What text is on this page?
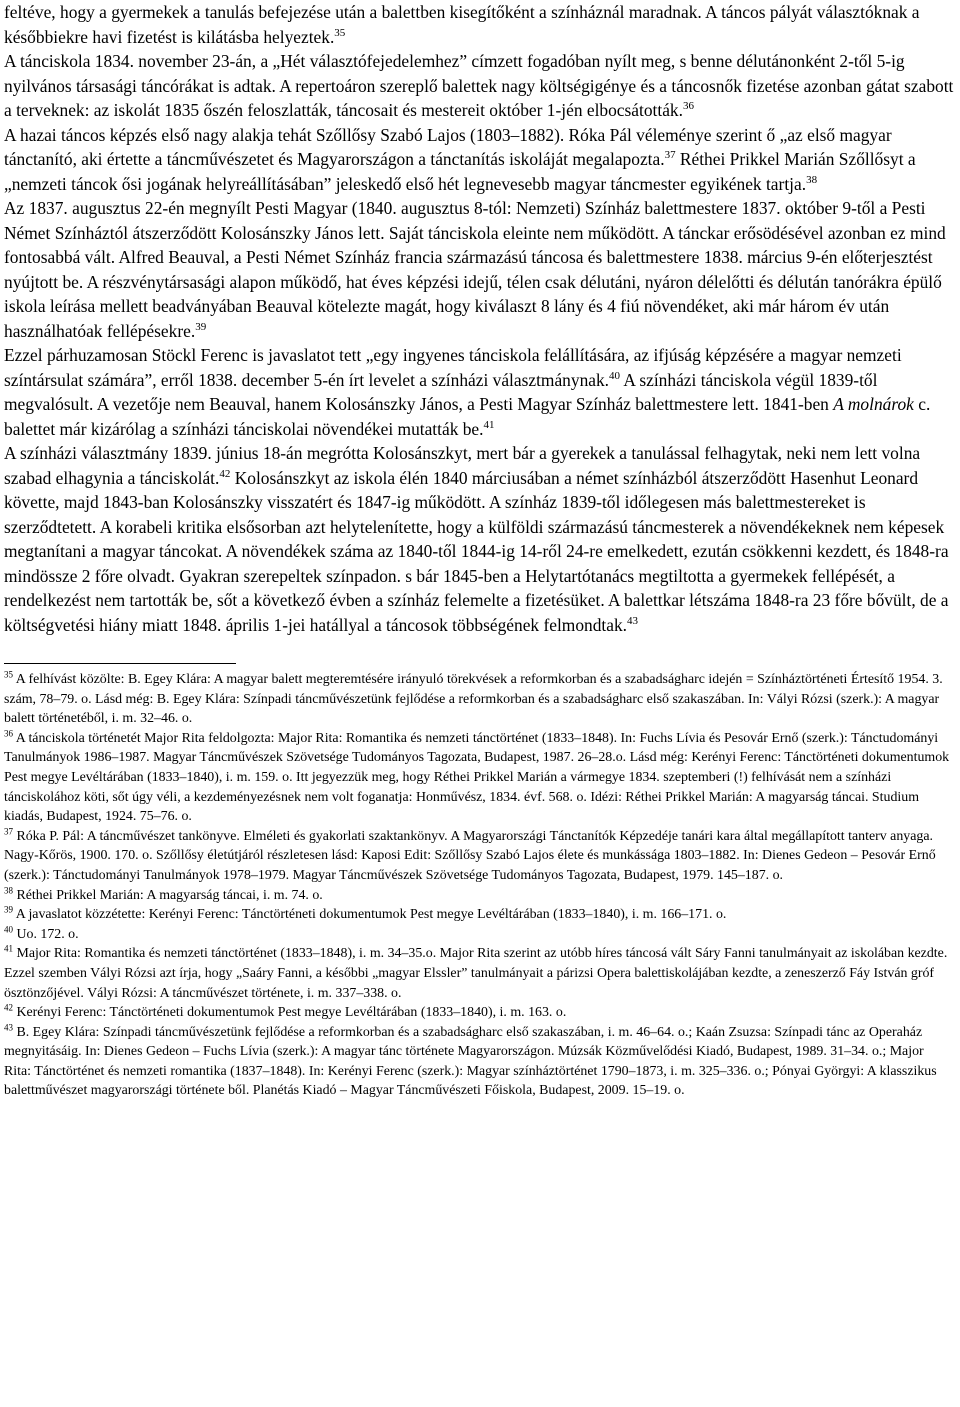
feltéve, hogy a gyermekek a tanulás befejezése után a balettben kisegítőként a színháznál maradnak. A táncos pályát választóknak a későbbiekre havi fizetést is kilátásba helyeztek.$^{35}$

A tánciskola 1834. november 23-án, a „Hét választófejedelemhez” címzett fogadóban nyílt meg, s benne délutánonként 2-től 5-ig nyilvános társasági táncórákat is adtak. A repertoáron szereplő balettek nagy költségigénye és a táncosnők fizetése azonban gátat szabott a terveknek: az iskolát 1835 őszén feloszlatták, táncosait és mestereit október 1-jén elbocsátották.$^{36}$

A hazai táncos képzés első nagy alakja tehát Szőllősy Szabó Lajos (1803–1882). Róka Pál véleménye szerint ő „az első magyar tánctanító, aki értette a táncművészetet és Magyarországon a tánctanítás iskoláját megalapozta.$^{37}$ Réthei Prikkel Marián Szőllősyt a „nemzeti táncok ősi jogának helyreállításában” jeleskedő első hét legnevesebb magyar táncmester egyikének tartja.$^{38}$

Az 1837. augusztus 22-én megnyílt Pesti Magyar (1840. augusztus 8-tól: Nemzeti) Színház balettmestere 1837. október 9-től a Pesti Német Színháztól átszerződött Kolosánszky János lett. Saját tánciskola eleinte nem működött. A tánckar erősödésével azonban ez mind fontosabbá vált. Alfred Beauval, a Pesti Német Színház francia származású táncosa és balettmestere 1838. március 9-én előterjesztést nyújtott be. A részvénytársasági alapon működő, hat éves képzési idejű, télen csak délutáni, nyáron délelőtti és délután tanórákra épülő iskola leírása mellett beadványában Beauval kötelezte magát, hogy kiválaszt 8 lány és 4 fiú növendéket, aki már három év után használhatóak fellépésekre.$^{39}$

Ezzel párhuzamosan Stöckl Ferenc is javaslatot tett „egy ingyenes tánciskola felállítására, az ifjúság képzésére a magyar nemzeti színtársulat számára”, erről 1838. december 5-én írt levelet a színházi választmánynak.$^{40}$ A színházi tánciskola végül 1839-től megvalósult. A vezetője nem Beauval, hanem Kolosánszky János, a Pesti Magyar Színház balettmestere lett. 1841-ben A molnárok c. balettet már kizárólag a színházi tánciskolai növendékei mutatták be.$^{41}$

A színházi választmány 1839. június 18-án megrótta Kolosánszkyt, mert bár a gyerekek a tanulással felhagytak, neki nem lett volna szabad elhagynia a tánciskolát.$^{42}$ Kolosánszkyt az iskola élén 1840 márciusában a német színházból átszerződött Hasenhut Leonard követte, majd 1843-ban Kolosánszky visszatért és 1847-ig működött. A színház 1839-től időlegesen más balettmestereket is szerződtetett. A korabeli kritika elsősorban azt helytelenítette, hogy a külföldi származású táncmesterek a növendékeknek nem képesek megtanítani a magyar táncokat. A növendékek száma az 1840-től 1844-ig 14-ről 24-re emelkedett, ezután csökkenni kezdett, és 1848-ra mindössze 2 főre olvadt. Gyakran szerepeltek színpadon. s bár 1845-ben a Helytartótanács megtiltotta a gyermekek fellépését, a rendelkezést nem tartották be, sőt a következő évben a színház felemelte a fizetésüket. A balettkar létszáma 1848-ra 23 főre bővült, de a költségvetési hiány miatt 1848. április 1-jei hatállyal a táncosok többségének felmondtak.$^{43}$

$^{35}$ A felhívást közölte: B. Egey Klára: A magyar balett megteremtésére irányuló törekvések a reformkorban és a szabadságharc idején = Színháztörténeti Értesítő 1954. 3. szám, 78–79. o. Lásd még: B. Egey Klára: Színpadi táncművészetünk fejlődése a reformkorban és a szabadságharc első szakaszában. In: Vályi Rózsi (szerk.): A magyar balett történetéből, i. m. 32–46. o.

$^{36}$ A tánciskola történetét Major Rita feldolgozta: Major Rita: Romantika és nemzeti tánctörténet (1833–1848). In: Fuchs Lívia és Pesovár Ernő (szerk.): Tánctudományi Tanulmányok 1986–1987. Magyar Táncművészek Szövetsége Tudományos Tagozata, Budapest, 1987. 26–28.o. Lásd még: Kerényi Ferenc: Tánctörténeti dokumentumok Pest megye Levéltárában (1833–1840), i. m. 159. o. Itt jegyezzük meg, hogy Réthei Prikkel Marián a vármegye 1834. szeptemberi (!) felhívását nem a színházi tánciskolához köti, sőt úgy véli, a kezdeményezésnek nem volt foganatja: Honművész, 1834. évf. 568. o. Idézi: Réthei Prikkel Marián: A magyarság táncai. Studium kiadás, Budapest, 1924. 75–76. o.

$^{37}$ Róka P. Pál: A táncművészet tankönyve. Elméleti és gyakorlati szaktankönyv. A Magyarországi Tánctanítók Képzedéje tanári kara által megállapított tanterv anyaga. Nagy-Kőrös, 1900. 170. o. Szőllősy életútjáról részletesen lásd: Kaposi Edit: Szőllősy Szabó Lajos élete és munkássága 1803–1882. In: Dienes Gedeon – Pesovár Ernő (szerk.): Tánctudományi Tanulmányok 1978–1979. Magyar Táncművészek Szövetsége Tudományos Tagozata, Budapest, 1979. 145–187. o.

$^{38}$ Réthei Prikkel Marián: A magyarság táncai, i. m. 74. o.

$^{39}$ A javaslatot közzétette: Kerényi Ferenc: Tánctörténeti dokumentumok Pest megye Levéltárában (1833–1840), i. m. 166–171. o.

$^{40}$ Uo. 172. o.

$^{41}$ Major Rita: Romantika és nemzeti tánctörténet (1833–1848), i. m. 34–35.o. Major Rita szerint az utóbb híres táncosá vált Sáry Fanni tanulmányait az iskolában kezdte. Ezzel szemben Vályi Rózsi azt írja, hogy „Saáry Fanni, a későbbi „magyar Elssler” tanulmányait a párizsi Opera balettiskolájában kezdte, a zeneszerző Fáy István gróf ösztönzőjével. Vályi Rózsi: A táncművészet története, i. m. 337–338. o.

$^{42}$ Kerényi Ferenc: Tánctörténeti dokumentumok Pest megye Levéltárában (1833–1840), i. m. 163. o.

$^{43}$ B. Egey Klára: Színpadi táncművészetünk fejlődése a reformkorban és a szabadságharc első szakaszában, i. m. 46–64. o.; Kaán Zsuzsa: Színpadi tánc az Operaház megnyitásáig. In: Dienes Gedeon – Fuchs Lívia (szerk.): A magyar tánc története Magyarországon. Múzsák Közművelődési Kiadó, Budapest, 1989. 31–34. o.; Major Rita: Tánctörténet és nemzeti romantika (1837–1848). In: Kerényi Ferenc (szerk.): Magyar színháztörténet 1790–1873, i. m. 325–336. o.; Pónyai Györgyi: A klasszikus balettművészet magyarországi története ből. Planétás Kiadó – Magyar Táncművészeti Főiskola, Budapest, 2009. 15–19. o.
